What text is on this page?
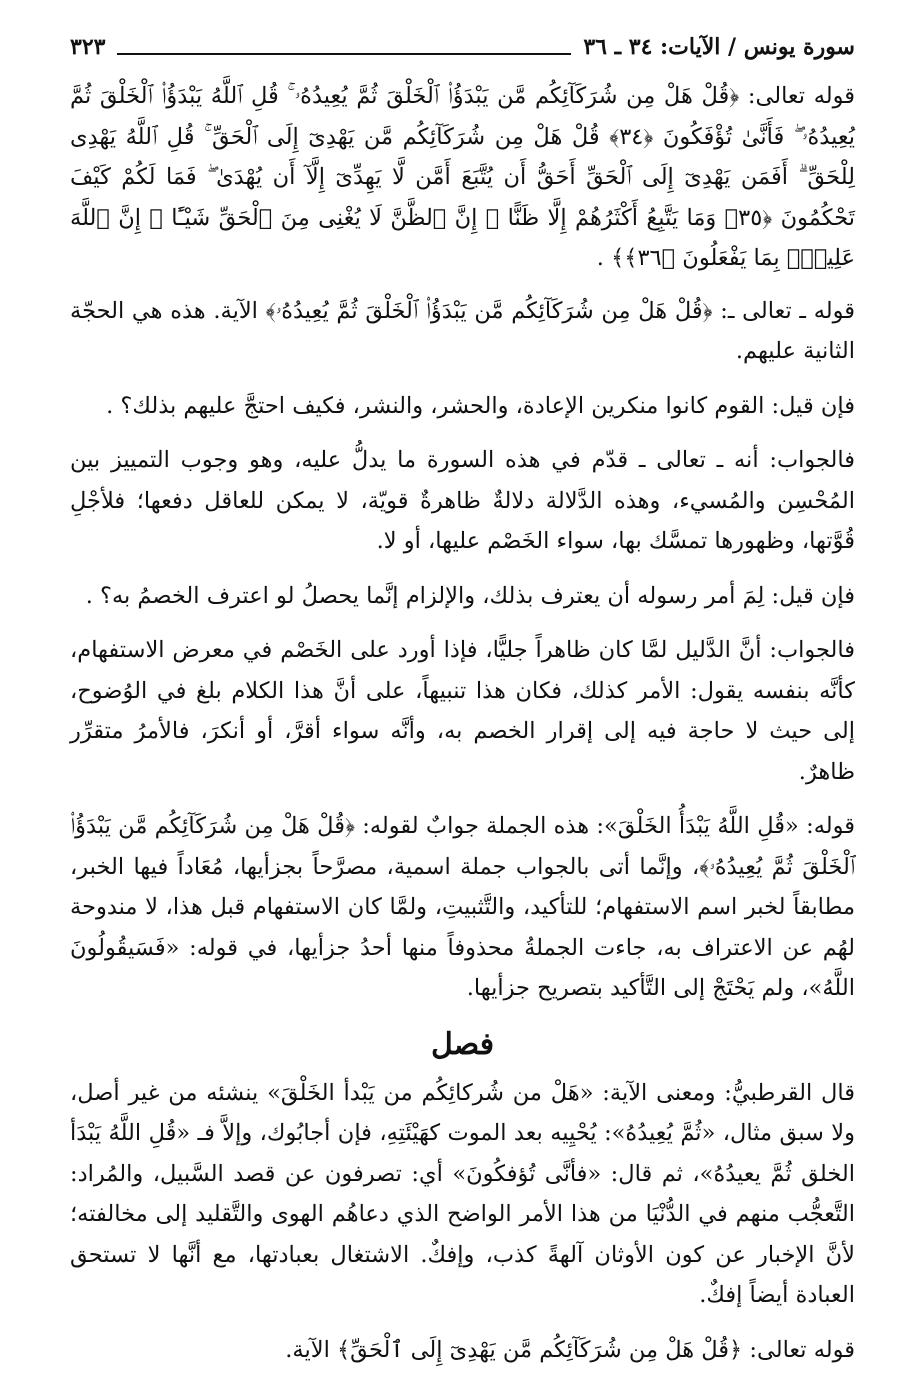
سورة يونس / الآيات: ٣٤ ـ ٣٦
٣٢٣

قوله تعالى: ﴿قُلْ هَلْ مِن شُرَكَآئِكُم مَّن يَبْدَؤُا۟ ٱلْخَلْقَ ثُمَّ يُعِيدُهُۥ ۚ قُلِ ٱللَّهُ يَبْدَؤُا۟ ٱلْخَلْقَ ثُمَّ يُعِيدُهُۥ ۖ فَأَنَّىٰ تُؤْفَكُونَ ﴿٣٤﴾ قُلْ هَلْ مِن شُرَكَآئِكُم مَّن يَهْدِىٓ إِلَى ٱلْحَقِّ ۚ قُلِ ٱللَّهُ يَهْدِى لِلْحَقِّ ۗ أَفَمَن يَهْدِىٓ إِلَى ٱلْحَقِّ أَحَقُّ أَن يُتَّبَعَ أَمَّن لَّا يَهِدِّىٓ إِلَّآ أَن يُهْدَىٰ ۖ فَمَا لَكُمْ كَيْفَ تَحْكُمُونَ ﴿٣٥﴾ وَمَا يَتَّبِعُ أَكْثَرُهُمْ إِلَّا ظَنًّا ۚ إِنَّ ٱلظَّنَّ لَا يُغْنِى مِنَ ٱلْحَقِّ شَيْـًٔا ۚ إِنَّ ٱللَّهَ عَلِيمٌۢ بِمَا يَفْعَلُونَ ﴿٣٦﴾﴾ .

قوله ـ تعالى ـ: ﴿قُلْ هَلْ مِن شُرَكَآئِكُم مَّن يَبْدَؤُا۟ ٱلْخَلْقَ ثُمَّ يُعِيدُهُۥ﴾ الآية. هذه هي الحجّة الثانية عليهم.

فإن قيل: القوم كانوا منكرين الإعادة، والحشر، والنشر، فكيف احتجَّ عليهم بذلك؟ .

فالجواب: أنه ـ تعالى ـ قدّم في هذه السورة ما يدلُّ عليه، وهو وجوب التمييز بين المُحْسِن والمُسيء، وهذه الدَّلالة دلالةٌ ظاهرةٌ قويّة، لا يمكن للعاقل دفعها؛ فلأجْلِ قُوَّتها، وظهورها تمسَّك بها، سواء الخَصْم عليها، أو لا.

فإن قيل: لِمَ أمر رسوله أن يعترف بذلك، والإلزام إنَّما يحصلُ لو اعترف الخصمُ به؟ .

فالجواب: أنَّ الدَّليل لمَّا كان ظاهراً جليًّا، فإذا أورد على الخَصْم في معرض الاستفهام، كأنَّه بنفسه يقول: الأمر كذلك، فكان هذا تنبيهاً، على أنَّ هذا الكلام بلغ في الوُضوح، إلى حيث لا حاجة فيه إلى إقرار الخصم به، وأنَّه سواء أقرَّ، أو أنكرَ، فالأمرُ متقرِّر ظاهرٌ.

قوله: «قُلِ اللَّهُ يَبْدَأُ الخَلْقَ»: هذه الجملة جوابٌ لقوله: ﴿قُلْ هَلْ مِن شُرَكَآئِكُم مَّن يَبْدَؤُا۟ ٱلْخَلْقَ ثُمَّ يُعِيدُهُۥ﴾، وإنَّما أتى بالجواب جملة اسمية، مصرَّحاً بجزأيها، مُعَاداً فيها الخبر، مطابقاً لخبر اسم الاستفهام؛ للتأكيد، والتَّثبيتِ، ولمَّا كان الاستفهام قبل هذا، لا مندوحة لهُم عن الاعتراف به، جاءت الجملةُ محذوفاً منها أحدُ جزأيها، في قوله: «فَسَيقُولُونَ اللَّهُ»، ولم يَحْتَجْ إلى التَّأكيد بتصريح جزأيها.

فصل

قال القرطبيُّ: ومعنى الآية: «هَلْ من شُركائِكُم من يَبْدأ الخَلْقَ» ينشئه من غير أصل، ولا سبق مثال، «ثُمَّ يُعِيدُهُ»: يُحْيِيه بعد الموت كهَيْئَتِهِ، فإن أجابُوك، وإلاَّ فـ «قُلِ اللَّهُ يَبْدَأ الخلق ثُمَّ يعيدُهُ»، ثم قال: «فأنَّى تُؤفكُونَ» أي: تصرفون عن قصد السَّبيل، والمُراد: التَّعجُّب منهم في الدُّنْيَا من هذا الأمر الواضح الذي دعاهُم الهوى والتَّقليد إلى مخالفته؛ لأنَّ الإخبار عن كون الأوثان آلهةً كذب، وإفكٌ. الاشتغال بعبادتها، مع أنَّها لا تستحق العبادة أيضاً إفكٌ.

قوله تعالى: ﴿قُلْ هَلْ مِن شُرَكَآئِكُم مَّن يَهْدِىٓ إِلَى ٱلْحَقِّ﴾ الآية.
